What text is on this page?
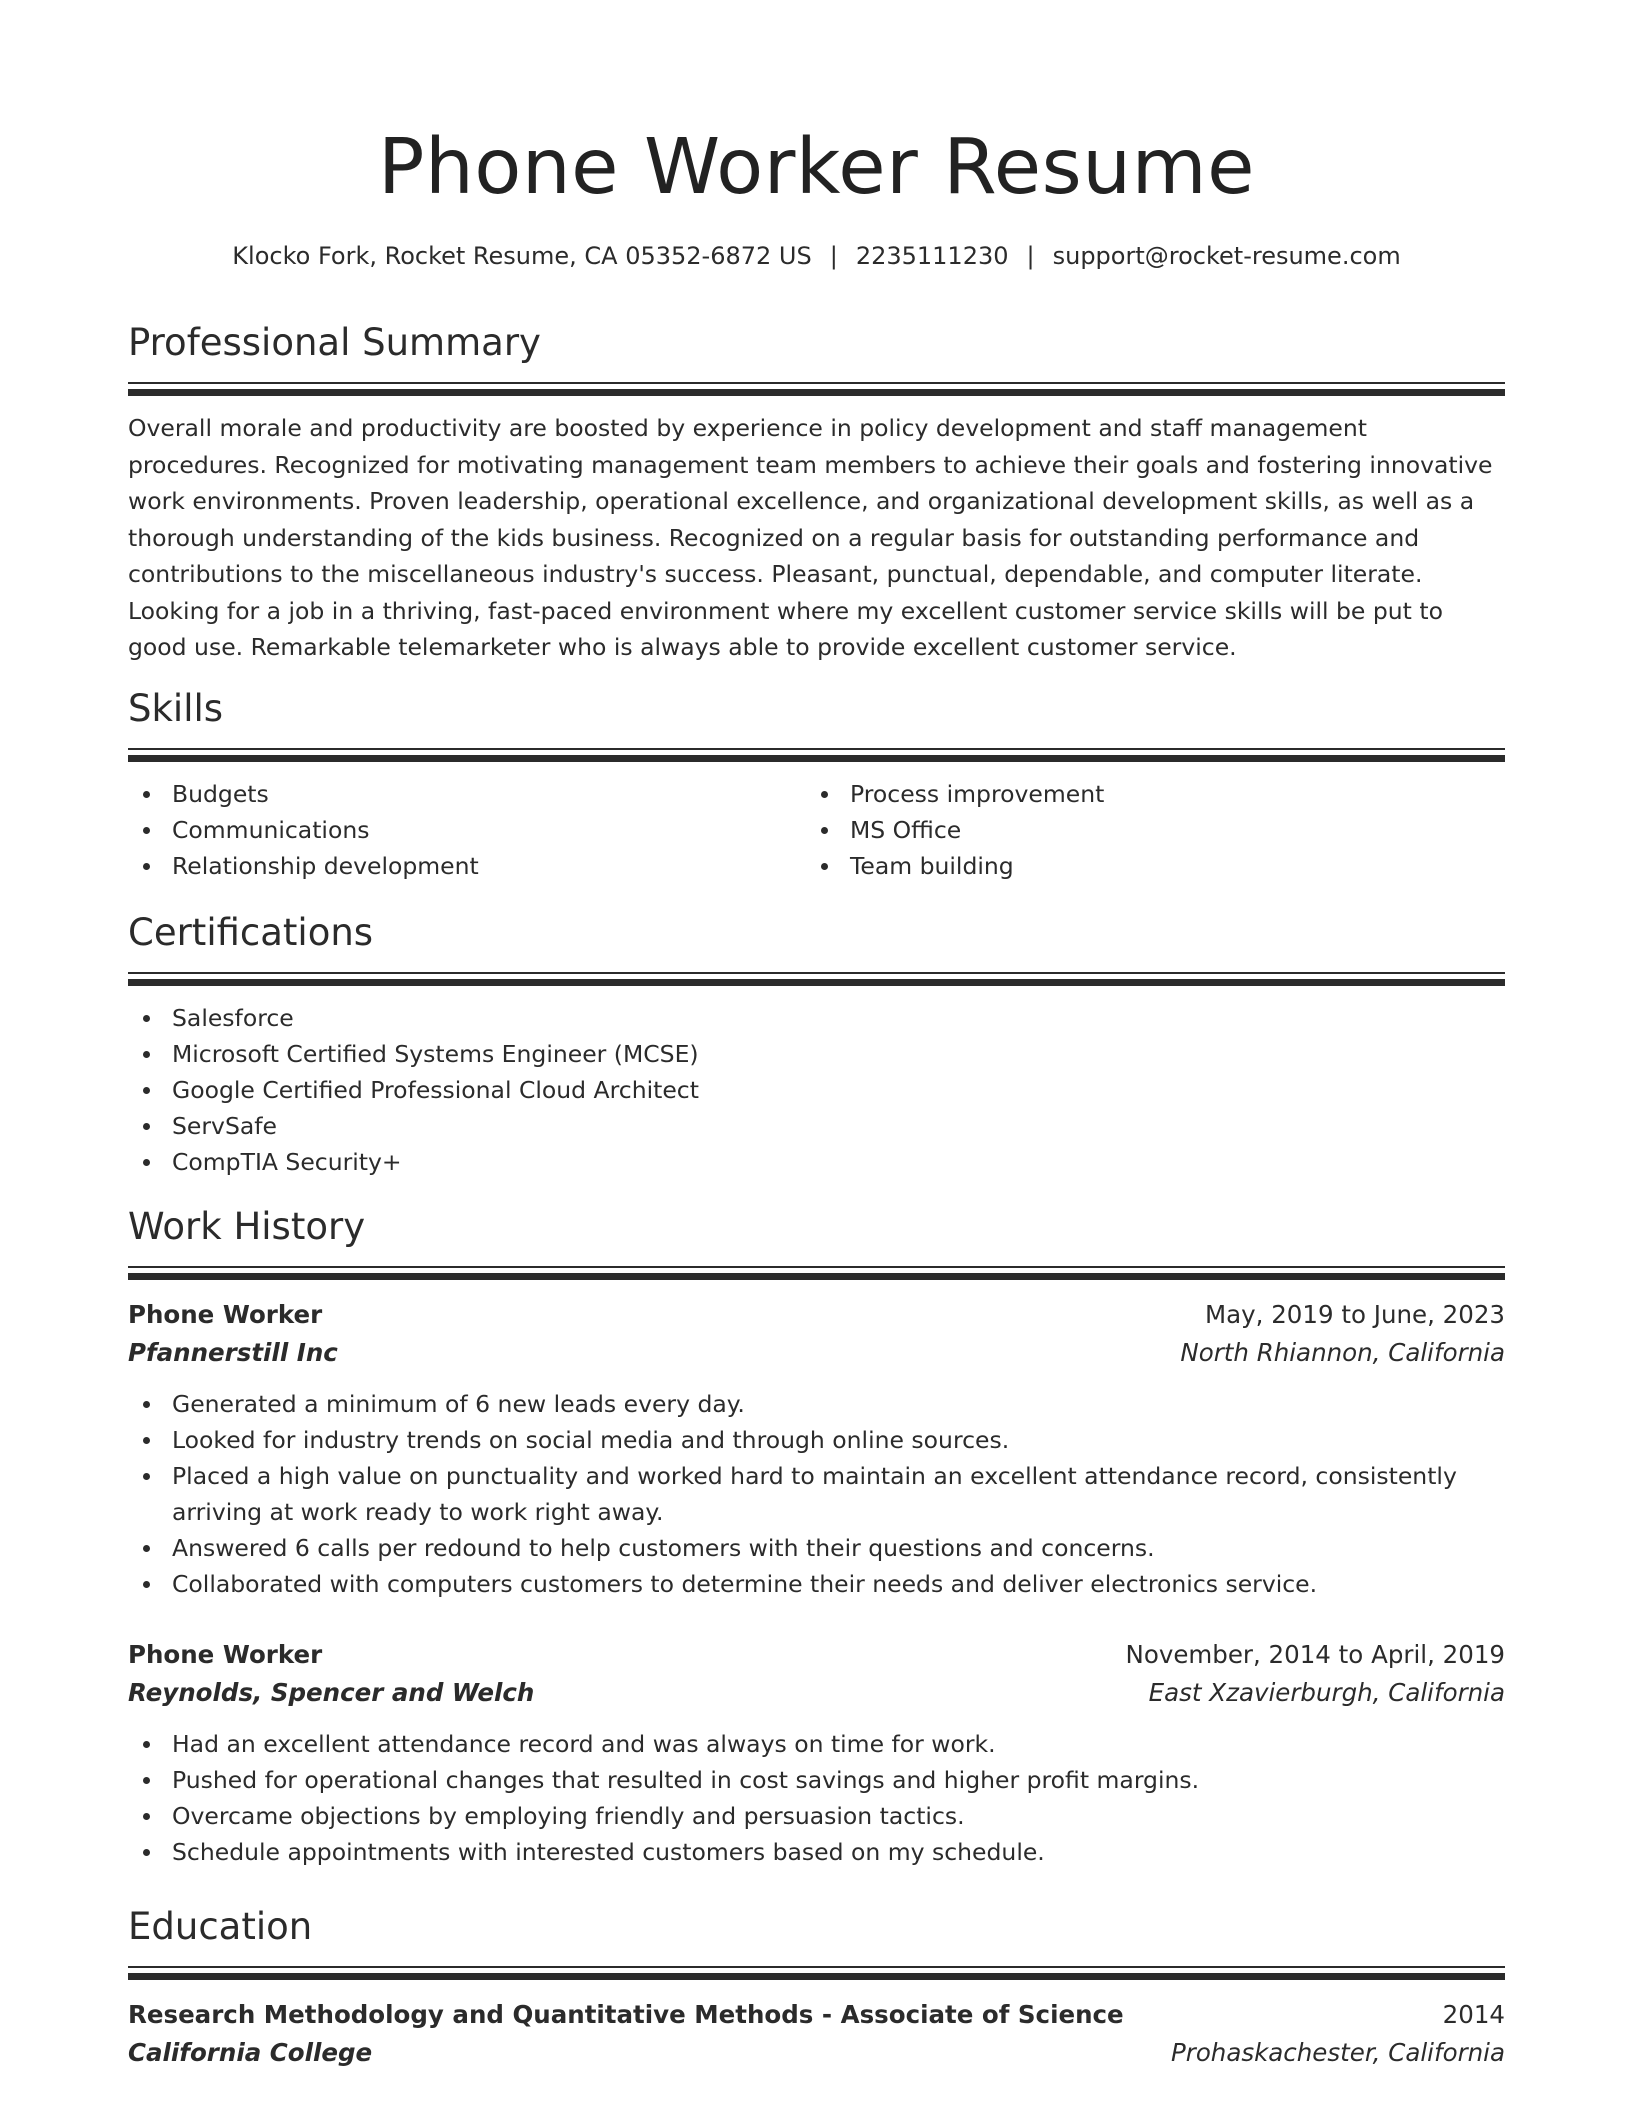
Phone Worker Resume
Klocko Fork, Rocket Resume, CA 05352-6872 US | 2235111230 | support@rocket-resume.com
Professional Summary

Overall morale and productivity are boosted by experience in policy development and staff management procedures. Recognized for motivating management team members to achieve their goals and fostering innovative work environments. Proven leadership, operational excellence, and organizational development skills, as well as a thorough understanding of the kids business. Recognized on a regular basis for outstanding performance and contributions to the miscellaneous industry's success. Pleasant, punctual, dependable, and computer literate. Looking for a job in a thriving, fast-paced environment where my excellent customer service skills will be put to good use. Remarkable telemarketer who is always able to provide excellent customer service.

Skills
Budgets
Communications
Relationship development
Process improvement
MS Office
Team building
Certifications
Salesforce
Microsoft Certified Systems Engineer (MCSE)
Google Certified Professional Cloud Architect
ServSafe
CompTIA Security+
Work History
Phone Worker	May, 2019 to June, 2023
Pfannerstill Inc	North Rhiannon, California
Generated a minimum of 6 new leads every day.
Looked for industry trends on social media and through online sources.
Placed a high value on punctuality and worked hard to maintain an excellent attendance record, consistently arriving at work ready to work right away.
Answered 6 calls per redound to help customers with their questions and concerns.
Collaborated with computers customers to determine their needs and deliver electronics service.
Phone Worker	November, 2014 to April, 2019
Reynolds, Spencer and Welch	East Xzavierburgh, California
Had an excellent attendance record and was always on time for work.
Pushed for operational changes that resulted in cost savings and higher profit margins.
Overcame objections by employing friendly and persuasion tactics.
Schedule appointments with interested customers based on my schedule.
Education
Research Methodology and Quantitative Methods - Associate of Science	2014
California College	Prohaskachester, California
